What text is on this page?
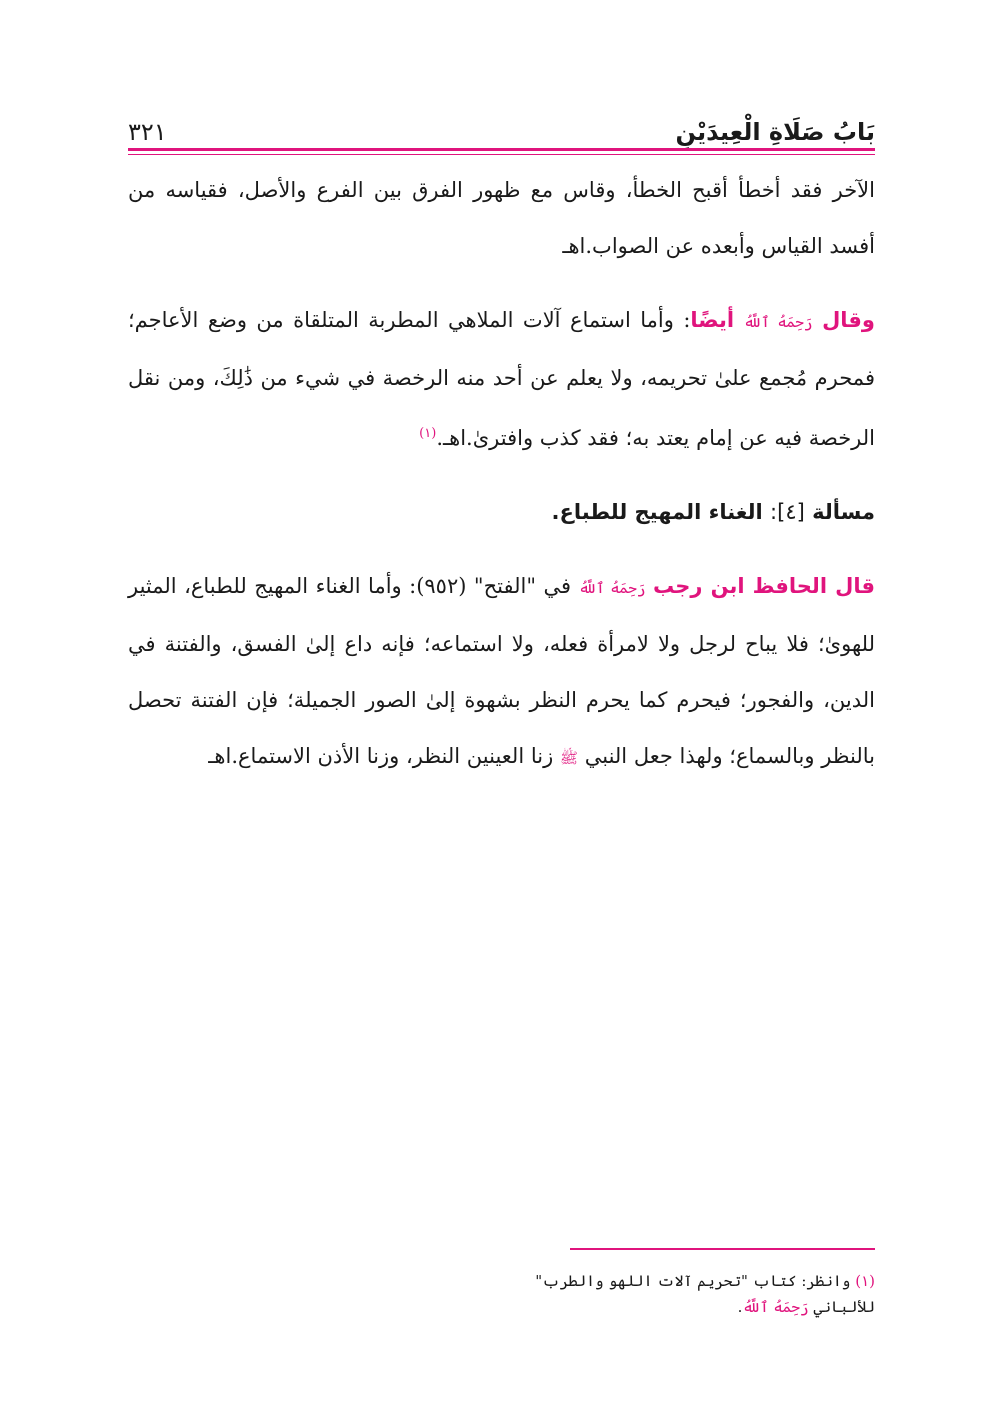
٣٢١	بَابُ صَلَاةِ الْعِيدَيْنِ

الآخر فقد أخطأ أقبح الخطأ، وقاس مع ظهور الفرق بين الفرع والأصل، فقياسه من أفسد القياس وأبعده عن الصواب.اهـ

وقال رَحِمَهُ ٱللَّهُ أيضًا: وأما استماع آلات الملاهي المطربة المتلقاة من وضع الأعاجم؛ فمحرم مُجمع علىٰ تحريمه، ولا يعلم عن أحد منه الرخصة في شيء من ذَٰلِكَ، ومن نقل الرخصة فيه عن إمام يعتد به؛ فقد كذب وافترىٰ.اهـ.$^{(١)}$

مسألة [٤]: الغناء المهيج للطباع.

قال الحافظ ابن رجب رَحِمَهُ ٱللَّهُ في "الفتح" (٩٥٢): وأما الغناء المهيج للطباع، المثير للهوىٰ؛ فلا يباح لرجل ولا لامرأة فعله، ولا استماعه؛ فإنه داع إلىٰ الفسق، والفتنة في الدين، والفجور؛ فيحرم كما يحرم النظر بشهوة إلىٰ الصور الجميلة؛ فإن الفتنة تحصل بالنظر وبالسماع؛ ولهذا جعل النبي ﷺ زنا العينين النظر، وزنا الأذن الاستماع.اهـ

(١) وانظر: كتاب "تحريم آلات اللهو والطرب" للألباني رَحِمَهُ ٱللَّهُ.
